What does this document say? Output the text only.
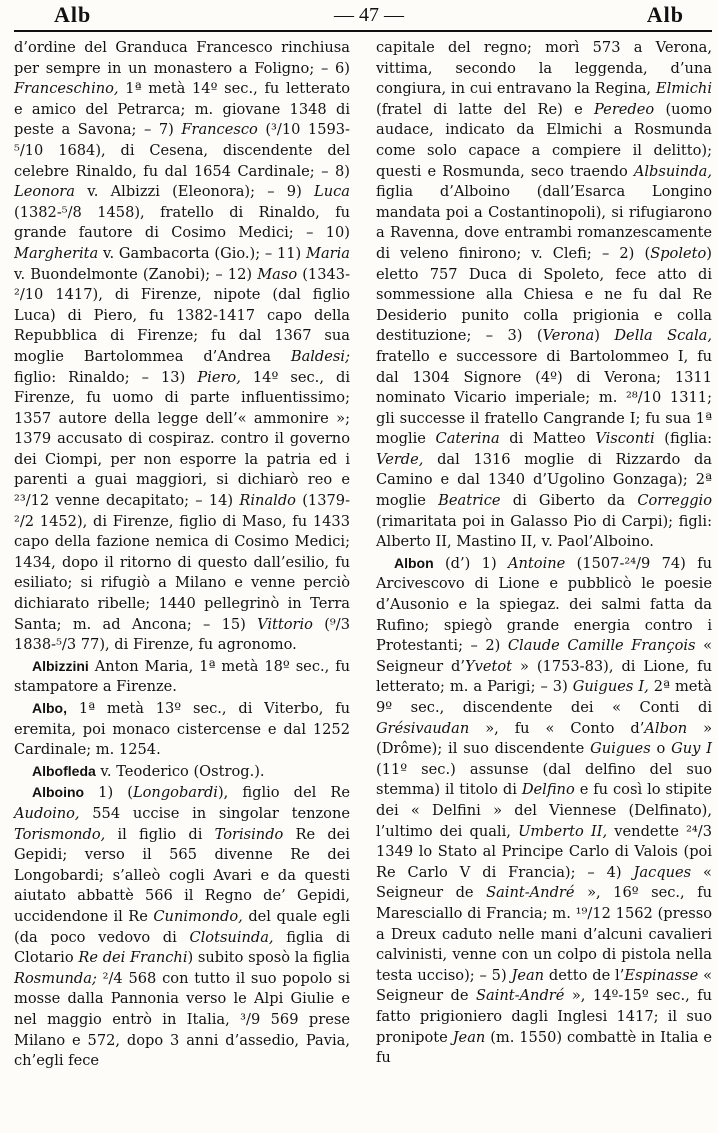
Alb	— 47 —	Alb

d’ordine del Granduca Francesco rinchiusa per sempre in un monastero a Foligno; – 6) Franceschino, 1ª metà 14º sec., fu letterato e amico del Petrarca; m. giovane 1348 di peste a Savona; – 7) Francesco (³/10 1593-⁵/10 1684), di Cesena, discendente del celebre Rinaldo, fu dal 1654 Cardinale; – 8) Leonora v. Albizzi (Eleonora); – 9) Luca (1382-⁵/8 1458), fratello di Rinaldo, fu grande fautore di Cosimo Medici; – 10) Margherita v. Gambacorta (Gio.); – 11) Maria v. Buondelmonte (Zanobi); – 12) Maso (1343-²/10 1417), di Firenze, nipote (dal figlio Luca) di Piero, fu 1382-1417 capo della Repubblica di Firenze; fu dal 1367 sua moglie Bartolommea d’Andrea Baldesi; figlio: Rinaldo; – 13) Piero, 14º sec., di Firenze, fu uomo di parte influentissimo; 1357 autore della legge dell’« ammonire »; 1379 accusato di cospiraz. contro il governo dei Ciompi, per non esporre la patria ed i parenti a guai maggiori, si dichiarò reo e ²³/12 venne decapitato; – 14) Rinaldo (1379-²/2 1452), di Firenze, figlio di Maso, fu 1433 capo della fazione nemica di Cosimo Medici; 1434, dopo il ritorno di questo dall’esilio, fu esiliato; si rifugiò a Milano e venne perciò dichiarato ribelle; 1440 pellegrinò in Terra Santa; m. ad Ancona; – 15) Vittorio (⁹/3 1838-⁵/3 77), di Firenze, fu agronomo.

Albizzini Anton Maria, 1ª metà 18º sec., fu stampatore a Firenze.

Albo, 1ª metà 13º sec., di Viterbo, fu eremita, poi monaco cistercense e dal 1252 Cardinale; m. 1254.

Alboflеda v. Teoderico (Ostrog.).

Alboino 1) (Longobardi), figlio del Re Audoino, 554 uccise in singolar tenzone Torismondo, il figlio di Torisindo Re dei Gepidi; verso il 565 divenne Re dei Longobardi; s’alleò cogli Avari e da questi aiutato abbattè 566 il Regno de’ Gepidi, uccidendone il Re Cunimondo, del quale egli (da poco vedovo di Clotsuinda, figlia di Clotario Re dei Franchi) subito sposò la figlia Rosmunda; ²/4 568 con tutto il suo popolo si mosse dalla Pannonia verso le Alpi Giulie e nel maggio entrò in Italia, ³/9 569 prese Milano e 572, dopo 3 anni d’assedio, Pavia, ch’egli fece

capitale del regno; morì 573 a Verona, vittima, secondo la leggenda, d’una congiura, in cui entravano la Regina, Elmichi (fratel di latte del Re) e Peredeo (uomo audace, indicato da Elmichi a Rosmunda come solo capace a compiere il delitto); questi e Rosmunda, seco traendo Albsuinda, figlia d’Alboino (dall’Esarca Longino mandata poi a Costantinopoli), si rifugiarono a Ravenna, dove entrambi romanzescamente di veleno finirono; v. Clefi; – 2) (Spoleto) eletto 757 Duca di Spoleto, fece atto di sommessione alla Chiesa e ne fu dal Re Desiderio punito colla prigionia e colla destituzione; – 3) (Verona) Della Scala, fratello e successore di Bartolommeo I, fu dal 1304 Signore (4º) di Verona; 1311 nominato Vicario imperiale; m. ²⁸/10 1311; gli successe il fratello Cangrande I; fu sua 1ª moglie Caterina di Matteo Visconti (figlia: Verde, dal 1316 moglie di Rizzardo da Camino e dal 1340 d’Ugolino Gonzaga); 2ª moglie Beatrice di Giberto da Correggio (rimaritata poi in Galasso Pio di Carpi); figli: Alberto II, Mastino II, v. Paol’Alboino.

Albon (d’) 1) Antoine (1507-²⁴/9 74) fu Arcivescovo di Lione e pubblicò le poesie d’Ausonio e la spiegaz. dei salmi fatta da Rufino; spiegò grande energia contro i Protestanti; – 2) Claude Camille François « Seigneur d’Yvetot » (1753-83), di Lione, fu letterato; m. a Parigi; – 3) Guigues I, 2ª metà 9º sec., discendente dei « Conti di Grésivaudan », fu « Conto d’Albon » (Drôme); il suo discendente Guigues o Guy I (11º sec.) assunse (dal delfino del suo stemma) il titolo di Delfino e fu così lo stipite dei « Delfini » del Viennese (Delfinato), l’ultimo dei quali, Umberto II, vendette ²⁴/3 1349 lo Stato al Principe Carlo di Valois (poi Re Carlo V di Francia); – 4) Jacques « Seigneur de Saint-André », 16º sec., fu Maresciallo di Francia; m. ¹⁹/12 1562 (presso a Dreux caduto nelle mani d’alcuni cavalieri calvinisti, venne con un colpo di pistola nella testa ucciso); – 5) Jean detto de l’Espinasse « Seigneur de Saint-André », 14º-15º sec., fu fatto prigioniero dagli Inglesi 1417; il suo pronipote Jean (m. 1550) combattè in Italia e fu
